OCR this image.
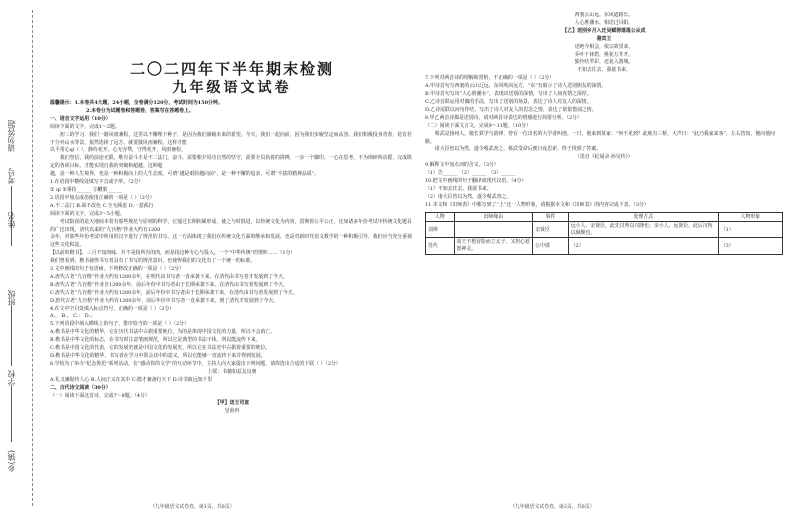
请勿答题
考号
姓名
班级
学校
乡(镇)
二〇二四年下半年期末检测
九年级语文试卷
温馨提示：1.本卷共4大题，24小题，全卷满分120分，考试时间为150分钟。
2.本卷分为试题卷和答题卷，答案写在答题卷上。
一、语言文字运用（10分）
阅读下面的文字，完成1～2题。
初三的学习，我们一路风雨兼程。这里以不懈埋下种子，是因为我们满载未来的希望。今天，我们一起向前，因为我们步履坚定而从容。我们积极投身青春，花有若干分外山水等景，依然选择了远方，就要披风雨兼程。这样才能
以平常心qí（ ），静待花开，心无旁骛，守得花开，风雨兼程。
我们坚信，我的前途无限，唯有奋斗才是不二法门。奋斗，需要朝夕用功自然的坚守，需要全员执着的拼搏，一步一个脚印，一心在思考，不为琐碎所动摇，完成既定的各项目标，才能实现自我的突破和超越。这种超
越，是一种人生境界，也是一种积极向上的人生态度，可谓“越是艰险越向前”，是一种不懈的追求，可谓“不拔的精神品质”。
1.在语段中横线处填写字音或字形。（2分）
① qí ②秉持______ ③鞭策______
2.语段中加点成语使用正确的一项是（ ）（2分）
A.不二法门 B.面不改色 C.全无顾虑 D.一意孤行
阅读下面的文字，完成3～5小题。
考试院说的是天地间本着有那些规范与原则的科学，它通过长期积累形成，使之与时俱进，以传统文化为内容，贯彻着公平公正。比如诸多年份考试中传统文化题目的广泛出现，清代以来的“九宫格”作业大约有1200
余年，对那些年份考试中所用的汉字进行了规范的书写。这一方面体现了我们在传统文化方面的继承和发展，也是对新时代语文教学的一种积极引导，我们应当充分重视这些文化积淀。
【以前的楷书】、三月不知肉味，并不是指所有的肉，而是指这种专心与投入。一个“中华传统”的情怀……（1分）
我们曾看到，楷书使得书写者具有了书写的规范意识，也使得我们的文化有了一个统一的标准。
3.文中画线的句子有语病，下列修改正确的一项是（ ）（2分）
A.唐代古老“九宫格”作业大约有1200余年，在明代由书写者一直承袭下来，在清代由书写者才发展到了今天。
B.唐代古老“九宫格”作业自1200余年，前后年份中书写者由于长期承袭下来，在清代由书写者发展到了今天。
C.唐代古老“九宫格”作业大约有1200余年，前后年份中书写者由于长期承袭下来，在清代由书写者发展到了今天。
D.唐代古老“九宫格”作业大约有1200余年，前后年份中书写者一直承袭下来，到了清代才发展到了今天。
4.在文中空白处填入标点符号，正确的一项是（ ）（2分）
A.， B.。 C.： D.；
5.下列语段中填入横线上的句子，排序恰当的一项是（ ）（2分）
A.楷书是中华文化的精华，它在历代书法中占据重要地位，为的是体现中国文化的力量，所以不会消亡。
B.楷书是中华文化的标志，在书写时注意笔画规范，所以它是典型的书法字体，所以能流传下来。
C.楷书是中国文化的代表，它的发展史就是中国文化的发展史，所以它在书法史中占据着重要的地位。
D.楷书是中华文化的精华，书写者在学习中领会其中的意义，所以它能够一直流传下来并得到发展。
6.学校为了举办“纪念鲁迅”系列活动，在“感动你的文学”的互动环节中，主持人向大家提出下列问题，请你选出合适的下联（ ）（2分）
上联：书籍如益友良朋
A.礼义廉耻传人心 B.人间正义在其中 C.德才兼备行天下 D.诗书致远知千里
二、古代诗文阅读（30分）
（一）阅读下面这首诗，完成7～8题。（4分）
【甲】送王司直
皇甫冉
西塞云山远，东风道路长。
人心胜潮水，相送过浔阳。
【乙】送别乡月入迁吴赋得落落公从成
骆宾王
送绝今相会，依宗故里来。
乔叶千林碧，挑花万井开。
独怜结罗彩，还复入游城。
不知去往去，我欲书来。
7.下列对两首诗的理解和赏析，不正确的一项是（ ）（2分）
A.甲诗首句写西塞的云山辽远，东风吹向远方，“东”有暗示了诗人送别朋友的深情。
B.甲诗首句写出“人心胜潮水”，表现出送别的深情，写出了人间真情之深厚。
C.乙诗首联运用对偶的手法，写出了送别的场景，表达了诗人对友人的深情。
D.乙诗尾联以问句作结，写出了诗人对友人的思念之情，表达了依依惜别之情。
8.甲乙两首诗都是送别诗，请对两首诗表达的情感进行简要分析。（2分）
（二）阅读下面文言文，完成9～11题。（10分）
蔡武是扬州人，擅长算学与韵律，曾有一位出名的大学者叫他。一日，他来到某家：“何不见到？此地有三桥，大声曰：“此乃我家来客”，左右皆知，便向他问路。
诸大臣皆以为然，遂令蔡武查之，蔡武受命后便日夜思索，终于找到了答案。
（选自《纪闻录·孙吴传》）
9.解释文中加点词的含义。（3分）
（1）告______ （2）______ （3）______
10.把文中画线的句子翻译成现代汉语。（4分）
（1）不知去往去，我欲书来。
（2）诸大臣皆以为然，遂令蔡武查之。
11.本文和《出师表》中都写到了“上”这一人物形象，请根据本文和《出师表》的内容完成下表。（3分）
人物	出师缘由	事件	处理方式	人物形象
刘禅		亲贤臣	远小人、亲贤臣，此先汉所以兴隆也；亲小人、远贤臣，此后汉所以倾颓也。	（1）
苏代	周王不想冒险而立太子，又担心惹怒神灵。	公中部	（2）	（3）
（九年级语文试卷卷，第1页，共6页）	（九年级语文试卷卷，第2页，共6页）
